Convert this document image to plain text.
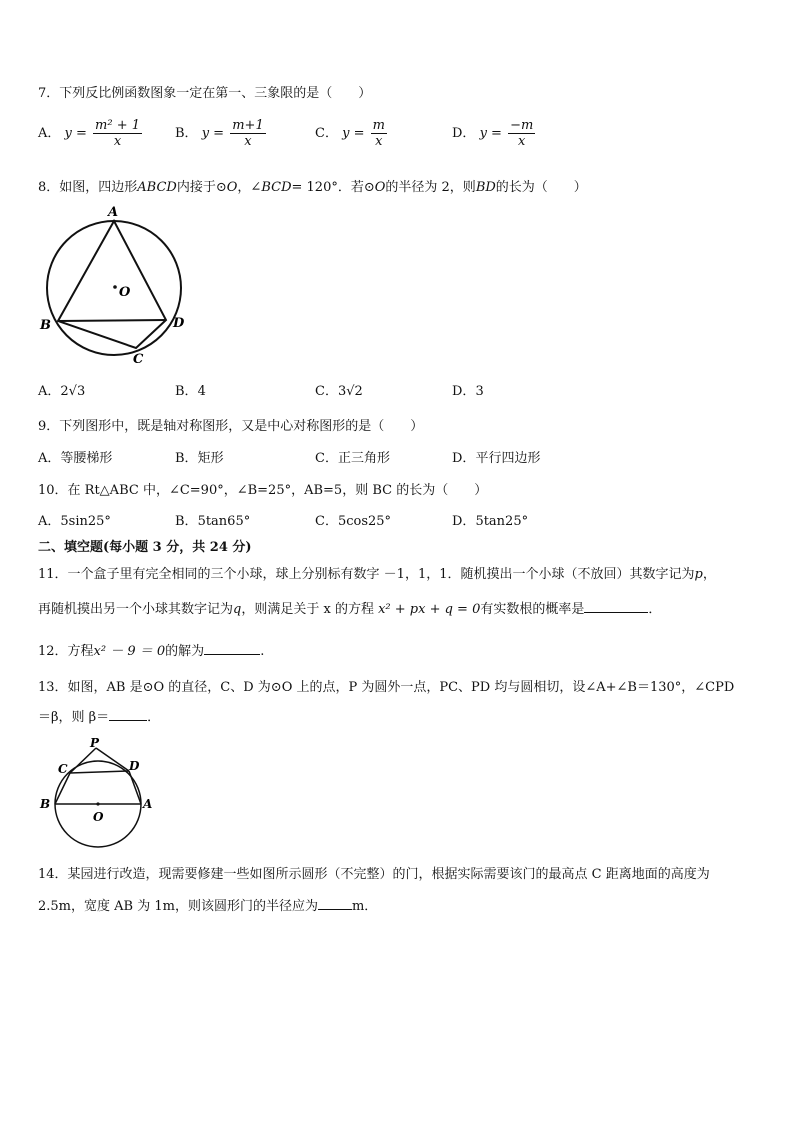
7．下列反比例函数图象一定在第一、三象限的是（　　）
A． $y = \frac{\text{m² + 1}}{x}$	B． $y = \frac{m+1}{x}$	C． $y = \frac{m}{x}$	D． $y = \frac{-m}{x}$
8．如图，四边形ABCD内接于⊙O，∠BCD= 120°．若⊙O的半径为 2，则BD的长为（　　）
A
B
C
D
O
A．2√3	B．4	C．3√2	D．3
9．下列图形中，既是轴对称图形，又是中心对称图形的是（　　）
A．等腰梯形	B．矩形	C．正三角形	D．平行四边形
10．在 Rt△ABC 中，∠C=90°，∠B=25°，AB=5，则 BC 的长为（　　）
A．5sin25°	B．5tan65°	C．5cos25°	D．5tan25°
二、填空题(每小题 3 分，共 24 分)
11．一个盒子里有完全相同的三个小球，球上分别标有数字 －1，1，1．随机摸出一个小球（不放回）其数字记为p，
再随机摸出另一个小球其数字记为q，则满足关于 x 的方程 x² + px + q = 0有实数根的概率是	．
12．方程x² － 9 ＝ 0的解为	.
13．如图，AB 是⊙O 的直径，C、D 为⊙O 上的点，P 为圆外一点，PC、PD 均与圆相切，设∠A+∠B＝130°，∠CPD
＝β，则 β＝	．
P
C	D
B	A
O
14．某园进行改造，现需要修建一些如图所示圆形（不完整）的门，根据实际需要该门的最高点 C 距离地面的高度为
2.5m，宽度 AB 为 1m，则该圆形门的半径应为	m．
